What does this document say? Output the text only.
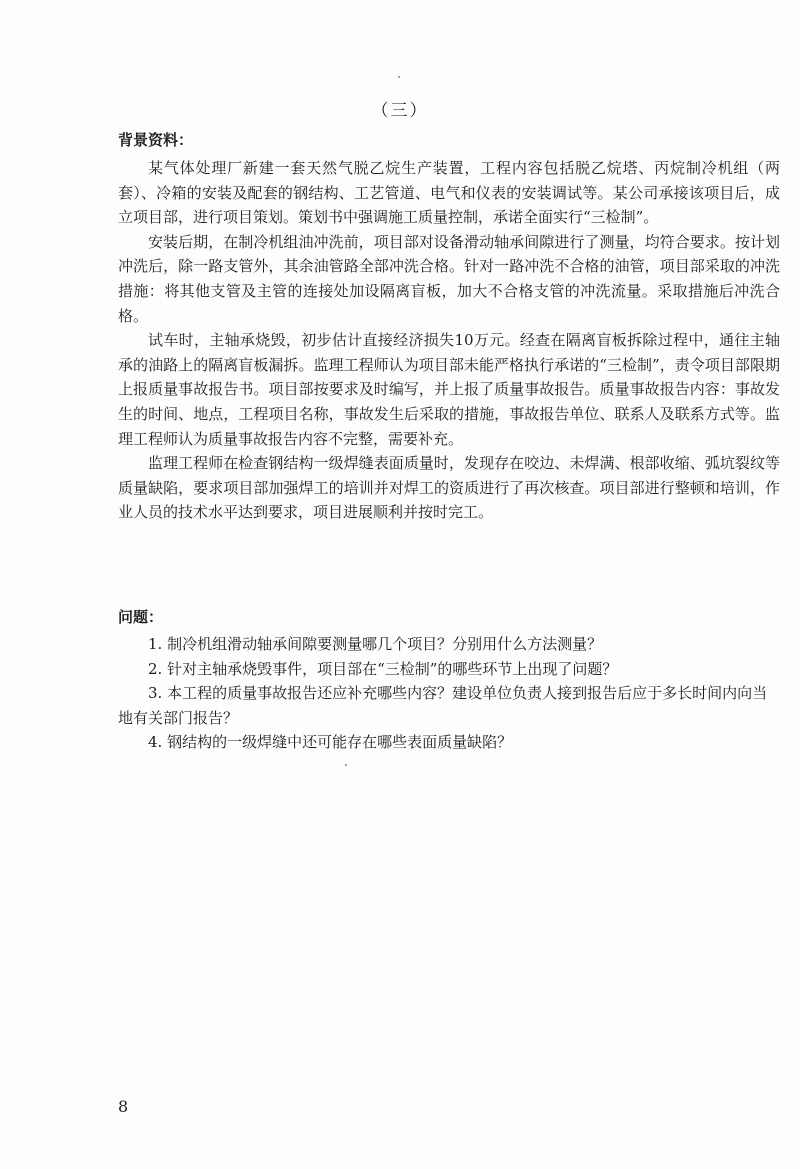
（三）
背景资料：

某气体处理厂新建一套天然气脱乙烷生产装置，工程内容包括脱乙烷塔、丙烷制冷机组（两套）、冷箱的安装及配套的钢结构、工艺管道、电气和仪表的安装调试等。某公司承接该项目后，成立项目部，进行项目策划。策划书中强调施工质量控制，承诺全面实行“三检制”。

安装后期，在制冷机组油冲洗前，项目部对设备滑动轴承间隙进行了测量，均符合要求。按计划冲洗后，除一路支管外，其余油管路全部冲洗合格。针对一路冲洗不合格的油管，项目部采取的冲洗措施：将其他支管及主管的连接处加设隔离盲板，加大不合格支管的冲洗流量。采取措施后冲洗合格。

试车时，主轴承烧毁，初步估计直接经济损失10万元。经查在隔离盲板拆除过程中，通往主轴承的油路上的隔离盲板漏拆。监理工程师认为项目部未能严格执行承诺的“三检制”，责令项目部限期上报质量事故报告书。项目部按要求及时编写，并上报了质量事故报告。质量事故报告内容：事故发生的时间、地点，工程项目名称，事故发生后采取的措施，事故报告单位、联系人及联系方式等。监理工程师认为质量事故报告内容不完整，需要补充。

监理工程师在检查钢结构一级焊缝表面质量时，发现存在咬边、未焊满、根部收缩、弧坑裂纹等质量缺陷，要求项目部加强焊工的培训并对焊工的资质进行了再次核查。项目部进行整顿和培训，作业人员的技术水平达到要求，项目进展顺利并按时完工。

问题：

1. 制冷机组滑动轴承间隙要测量哪几个项目？分别用什么方法测量？

2. 针对主轴承烧毁事件，项目部在“三检制”的哪些环节上出现了问题？

3. 本工程的质量事故报告还应补充哪些内容？建设单位负责人接到报告后应于多长时间内向当地有关部门报告？

4. 钢结构的一级焊缝中还可能存在哪些表面质量缺陷？

8
